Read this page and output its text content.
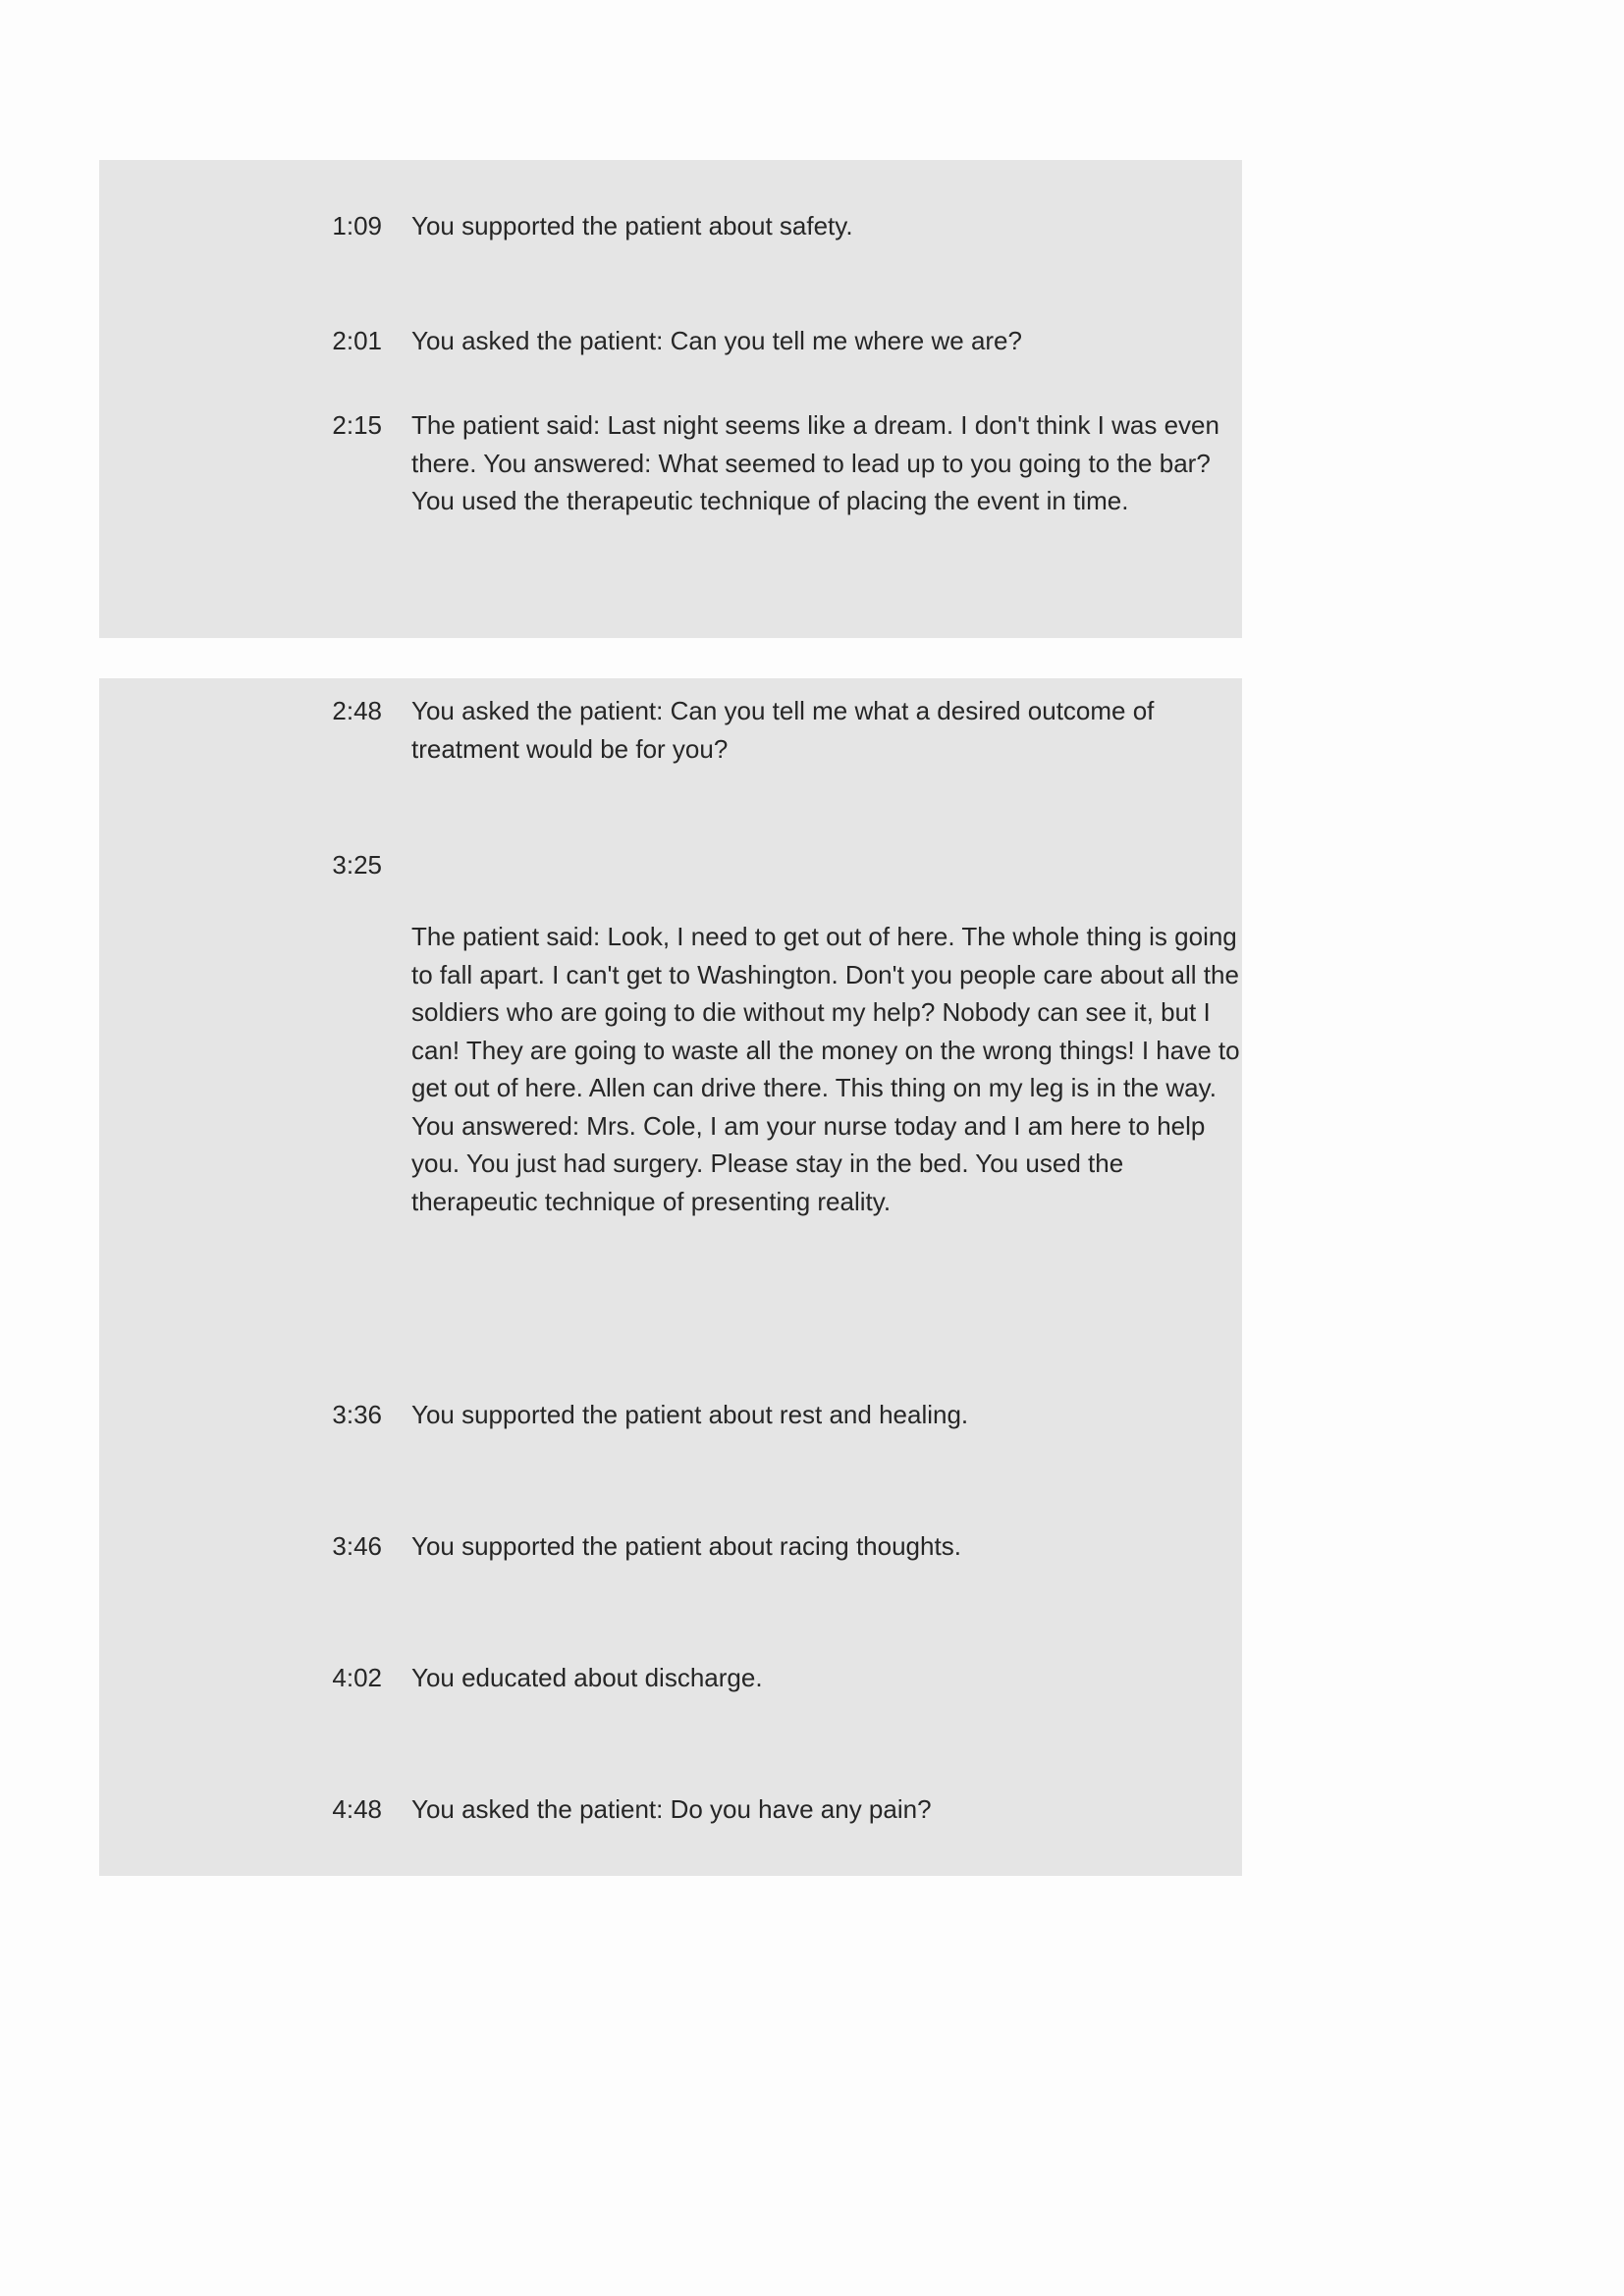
1:09 You supported the patient about safety.
2:01 You asked the patient: Can you tell me where we are?
2:15 The patient said: Last night seems like a dream. I don't think I was even there. You answered: What seemed to lead up to you going to the bar? You used the therapeutic technique of placing the event in time.
2:48 You asked the patient: Can you tell me what a desired outcome of treatment would be for you?
3:25
The patient said: Look, I need to get out of here. The whole thing is going to fall apart. I can't get to Washington. Don't you people care about all the soldiers who are going to die without my help? Nobody can see it, but I can! They are going to waste all the money on the wrong things! I have to get out of here. Allen can drive there. This thing on my leg is in the way. You answered: Mrs. Cole, I am your nurse today and I am here to help you. You just had surgery. Please stay in the bed. You used the therapeutic technique of presenting reality.
3:36 You supported the patient about rest and healing.
3:46 You supported the patient about racing thoughts.
4:02 You educated about discharge.
4:48 You asked the patient: Do you have any pain?
